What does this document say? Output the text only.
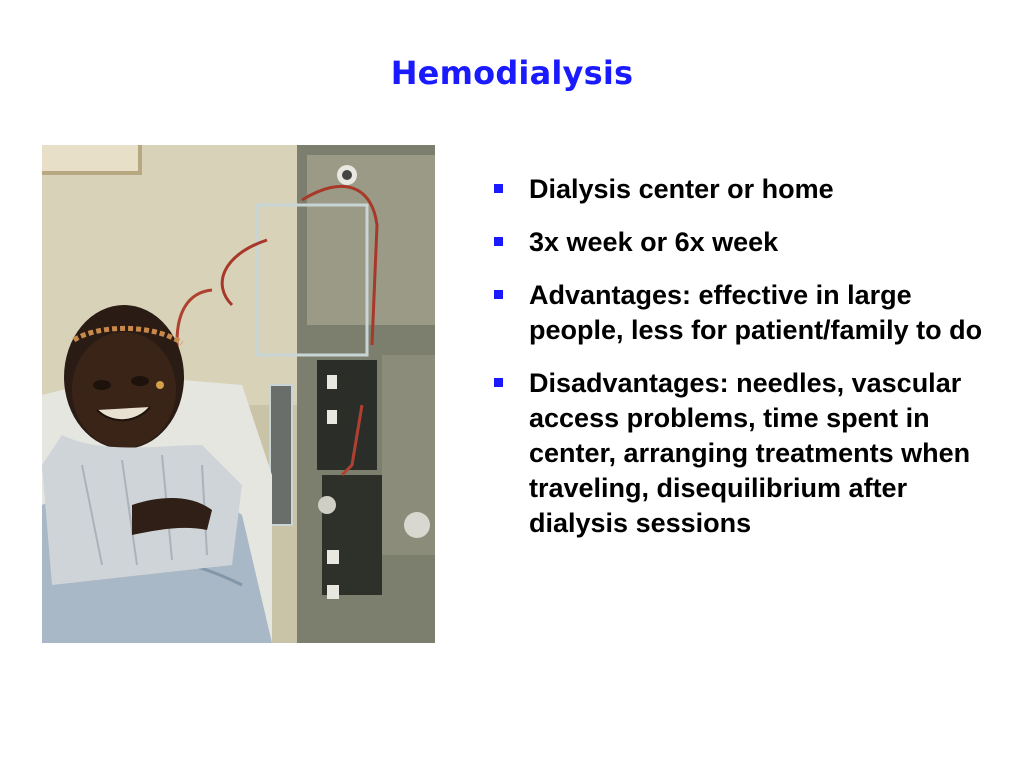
Hemodialysis
Dialysis center or home
3x week or 6x week
Advantages: effective in large people, less for patient/family to do
Disadvantages: needles, vascular access problems, time spent in center, arranging treatments when traveling, disequilibrium after dialysis sessions
